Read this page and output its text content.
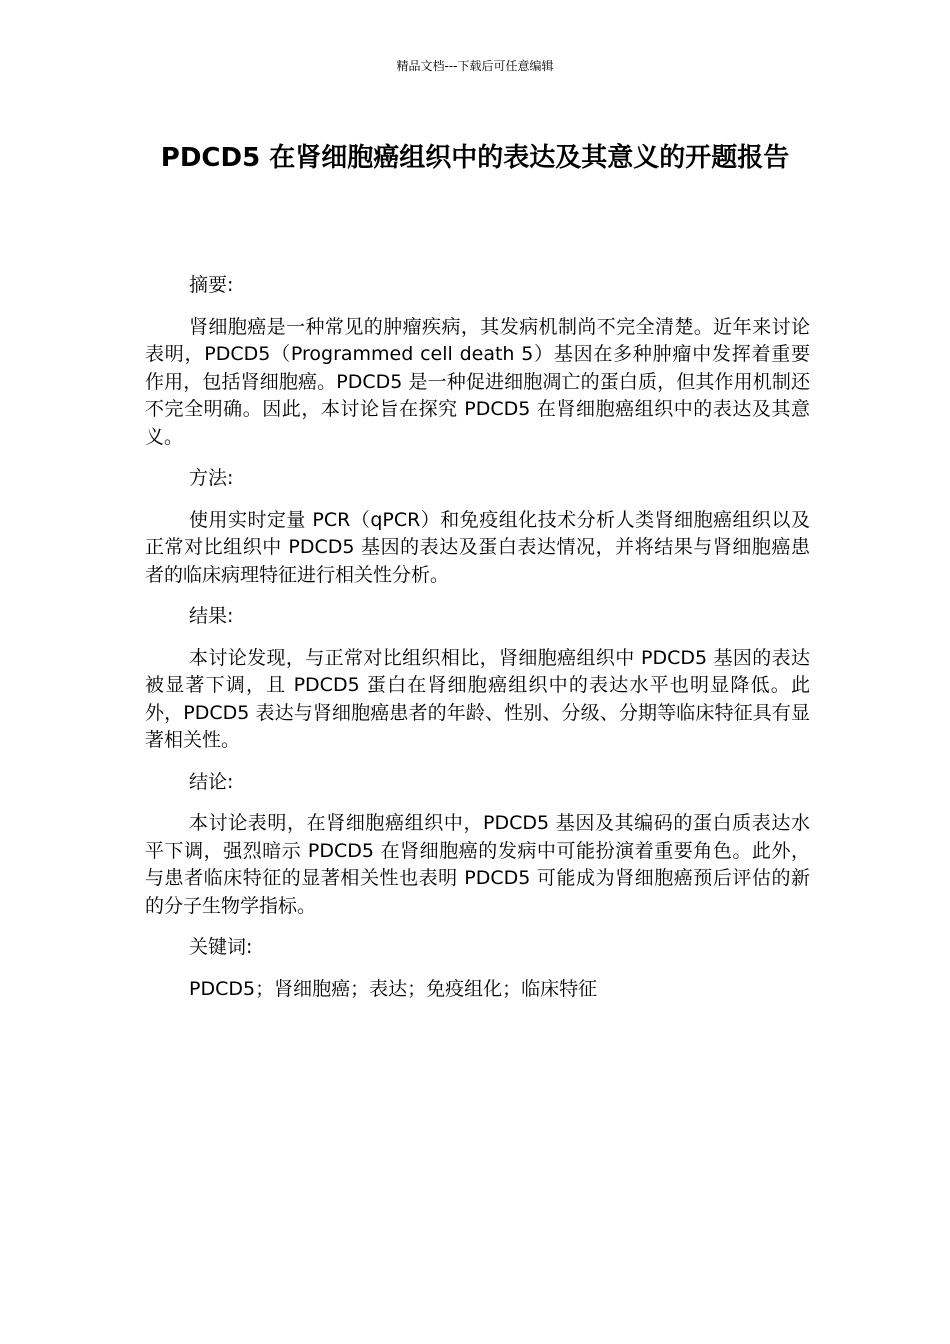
精品文档---下载后可任意编辑
PDCD5 在肾细胞癌组织中的表达及其意义的开题报告

摘要:

肾细胞癌是一种常见的肿瘤疾病，其发病机制尚不完全清楚。近年来讨论表明，PDCD5（Programmed cell death 5）基因在多种肿瘤中发挥着重要作用，包括肾细胞癌。PDCD5 是一种促进细胞凋亡的蛋白质，但其作用机制还不完全明确。因此，本讨论旨在探究 PDCD5 在肾细胞癌组织中的表达及其意义。

方法:

使用实时定量 PCR（qPCR）和免疫组化技术分析人类肾细胞癌组织以及正常对比组织中 PDCD5 基因的表达及蛋白表达情况，并将结果与肾细胞癌患者的临床病理特征进行相关性分析。

结果:

本讨论发现，与正常对比组织相比，肾细胞癌组织中 PDCD5 基因的表达被显著下调，且 PDCD5 蛋白在肾细胞癌组织中的表达水平也明显降低。此外，PDCD5 表达与肾细胞癌患者的年龄、性别、分级、分期等临床特征具有显著相关性。

结论:

本讨论表明，在肾细胞癌组织中，PDCD5 基因及其编码的蛋白质表达水平下调，强烈暗示 PDCD5 在肾细胞癌的发病中可能扮演着重要角色。此外，与患者临床特征的显著相关性也表明 PDCD5 可能成为肾细胞癌预后评估的新的分子生物学指标。

关键词:

PDCD5；肾细胞癌；表达；免疫组化；临床特征
